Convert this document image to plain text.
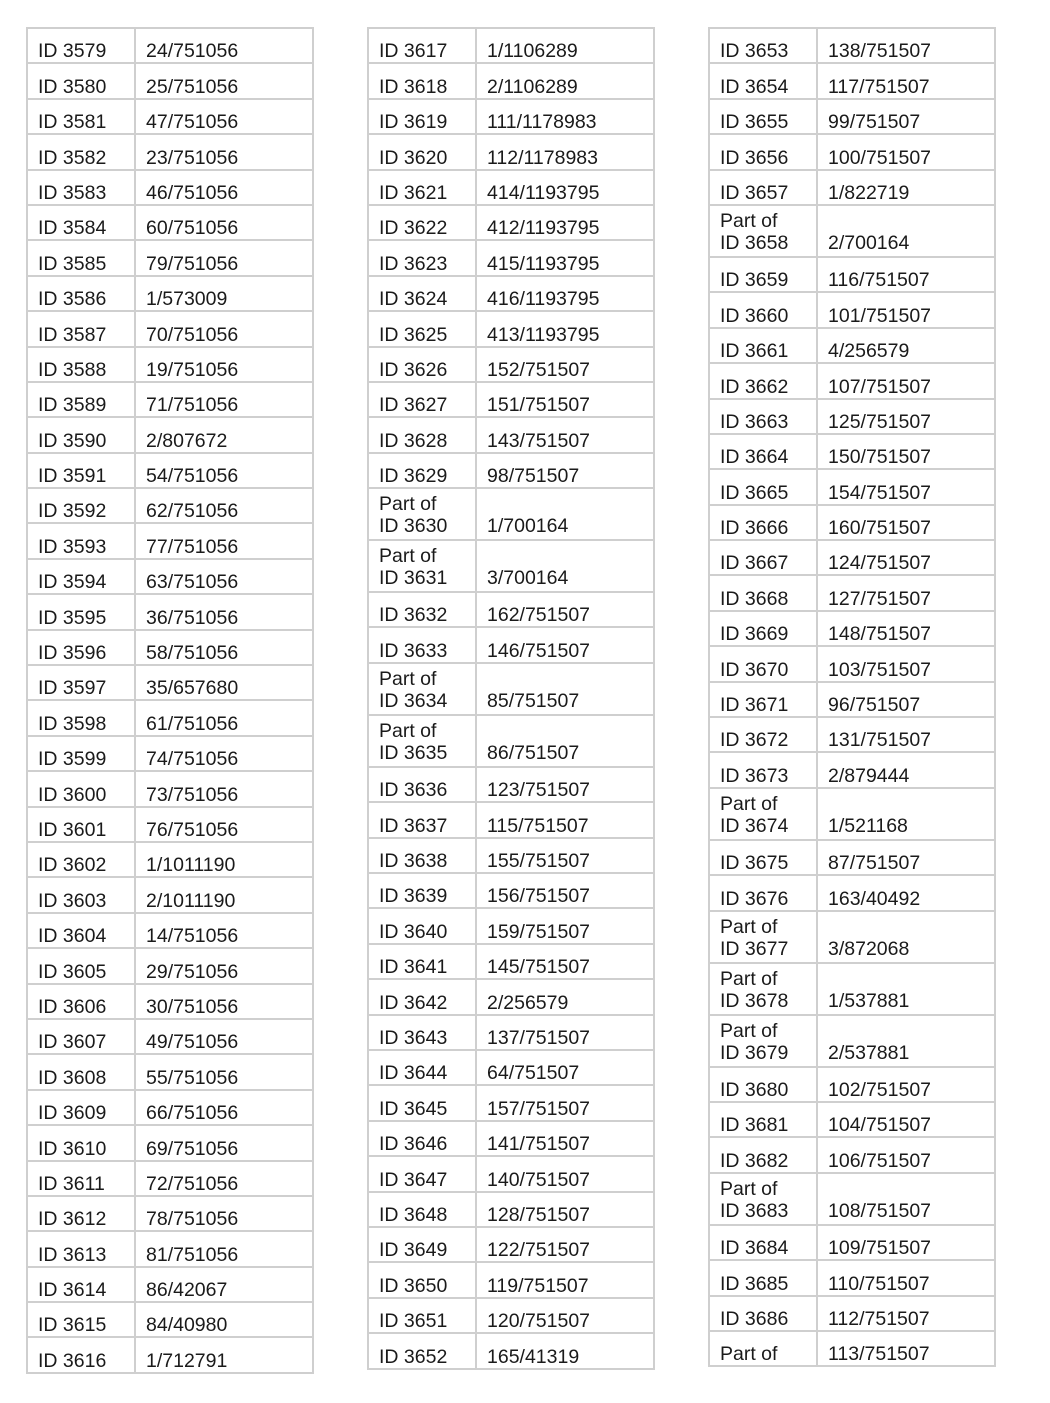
ID 3579	24/751056

ID 3580	25/751056

ID 3581	47/751056

ID 3582	23/751056

ID 3583	46/751056

ID 3584	60/751056

ID 3585	79/751056

ID 3586	1/573009

ID 3587	70/751056

ID 3588	19/751056

ID 3589	71/751056

ID 3590	2/807672

ID 3591	54/751056

ID 3592	62/751056

ID 3593	77/751056

ID 3594	63/751056

ID 3595	36/751056

ID 3596	58/751056

ID 3597	35/657680

ID 3598	61/751056

ID 3599	74/751056

ID 3600	73/751056

ID 3601	76/751056

ID 3602	1/1011190

ID 3603	2/1011190

ID 3604	14/751056

ID 3605	29/751056

ID 3606	30/751056

ID 3607	49/751056

ID 3608	55/751056

ID 3609	66/751056

ID 3610	69/751056

ID 3611	72/751056

ID 3612	78/751056

ID 3613	81/751056

ID 3614	86/42067

ID 3615	84/40980

ID 3616	1/712791
ID 3617	1/1106289

ID 3618	2/1106289

ID 3619	111/1178983

ID 3620	112/1178983

ID 3621	414/1193795

ID 3622	412/1193795

ID 3623	415/1193795

ID 3624	416/1193795

ID 3625	413/1193795

ID 3626	152/751507

ID 3627	151/751507

ID 3628	143/751507

ID 3629	98/751507

Part of
ID 3630	1/700164

Part of
ID 3631	3/700164

ID 3632	162/751507

ID 3633	146/751507

Part of
ID 3634	85/751507

Part of
ID 3635	86/751507

ID 3636	123/751507

ID 3637	115/751507

ID 3638	155/751507

ID 3639	156/751507

ID 3640	159/751507

ID 3641	145/751507

ID 3642	2/256579

ID 3643	137/751507

ID 3644	64/751507

ID 3645	157/751507

ID 3646	141/751507

ID 3647	140/751507

ID 3648	128/751507

ID 3649	122/751507

ID 3650	119/751507

ID 3651	120/751507

ID 3652	165/41319
ID 3653	138/751507

ID 3654	117/751507

ID 3655	99/751507

ID 3656	100/751507

ID 3657	1/822719

Part of
ID 3658	2/700164

ID 3659	116/751507

ID 3660	101/751507

ID 3661	4/256579

ID 3662	107/751507

ID 3663	125/751507

ID 3664	150/751507

ID 3665	154/751507

ID 3666	160/751507

ID 3667	124/751507

ID 3668	127/751507

ID 3669	148/751507

ID 3670	103/751507

ID 3671	96/751507

ID 3672	131/751507

ID 3673	2/879444

Part of
ID 3674	1/521168

ID 3675	87/751507

ID 3676	163/40492

Part of
ID 3677	3/872068

Part of
ID 3678	1/537881

Part of
ID 3679	2/537881

ID 3680	102/751507

ID 3681	104/751507

ID 3682	106/751507

Part of
ID 3683	108/751507

ID 3684	109/751507

ID 3685	110/751507

ID 3686	112/751507

Part of	113/751507
